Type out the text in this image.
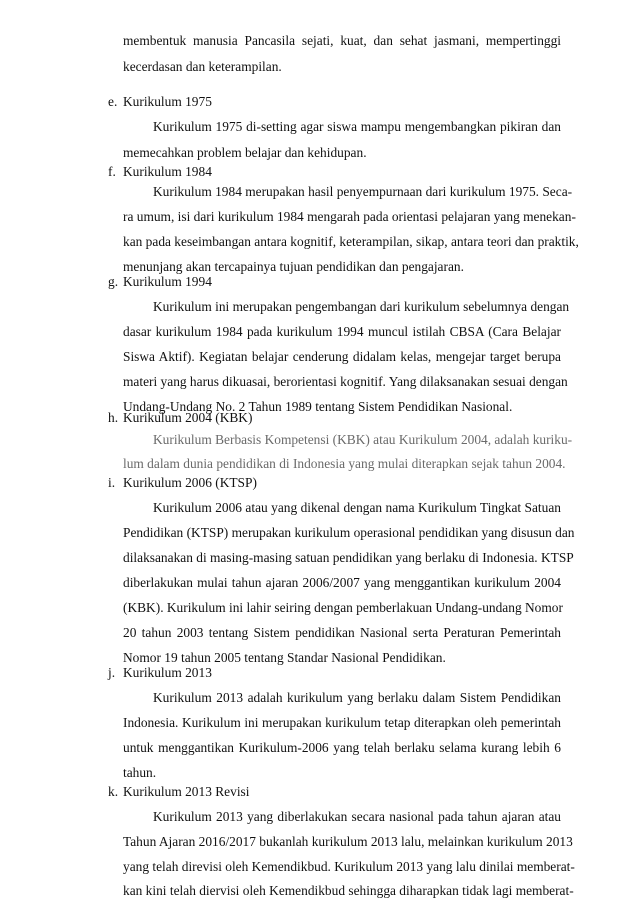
membentuk manusia Pancasila sejati, kuat, dan sehat jasmani, mempertinggi

kecerdasan dan keterampilan.

e. Kurikulum 1975

Kurikulum 1975 di-setting agar siswa mampu mengembangkan pikiran dan

memecahkan problem belajar dan kehidupan.

f. Kurikulum 1984

Kurikulum 1984 merupakan hasil penyempurnaan dari kurikulum 1975. Seca-

ra umum, isi dari kurikulum 1984 mengarah pada orientasi pelajaran yang menekan-

kan pada keseimbangan antara kognitif, keterampilan, sikap, antara teori dan praktik,

menunjang akan tercapainya tujuan pendidikan dan pengajaran.

g. Kurikulum 1994

Kurikulum ini merupakan pengembangan dari kurikulum sebelumnya dengan

dasar kurikulum 1984 pada kurikulum 1994 muncul istilah CBSA (Cara Belajar

Siswa Aktif). Kegiatan belajar cenderung didalam kelas, mengejar target berupa

materi yang harus dikuasai, berorientasi kognitif. Yang dilaksanakan sesuai dengan

Undang-Undang No. 2 Tahun 1989 tentang Sistem Pendidikan Nasional.

h. Kurikulum 2004 (KBK)

Kurikulum Berbasis Kompetensi (KBK) atau Kurikulum 2004, adalah kuriku-

lum dalam dunia pendidikan di Indonesia yang mulai diterapkan sejak tahun 2004.

i. Kurikulum 2006 (KTSP)

Kurikulum 2006 atau yang dikenal dengan nama Kurikulum Tingkat Satuan

Pendidikan (KTSP) merupakan kurikulum operasional pendidikan yang disusun dan

dilaksanakan di masing-masing satuan pendidikan yang berlaku di Indonesia. KTSP

diberlakukan mulai tahun ajaran 2006/2007 yang menggantikan kurikulum 2004

(KBK). Kurikulum ini lahir seiring dengan pemberlakuan Undang-undang Nomor

20 tahun 2003 tentang Sistem pendidikan Nasional serta Peraturan Pemerintah

Nomor 19 tahun 2005 tentang Standar Nasional Pendidikan.

j. Kurikulum 2013

Kurikulum 2013 adalah kurikulum yang berlaku dalam Sistem Pendidikan

Indonesia. Kurikulum ini merupakan kurikulum tetap diterapkan oleh pemerintah

untuk menggantikan Kurikulum-2006 yang telah berlaku selama kurang lebih 6

tahun.

k. Kurikulum 2013 Revisi

Kurikulum 2013 yang diberlakukan secara nasional pada tahun ajaran atau

Tahun Ajaran 2016/2017 bukanlah kurikulum 2013 lalu, melainkan kurikulum 2013

yang telah direvisi oleh Kemendikbud. Kurikulum 2013 yang lalu dinilai memberat-

kan kini telah diervisi oleh Kemendikbud sehingga diharapkan tidak lagi memberat-
